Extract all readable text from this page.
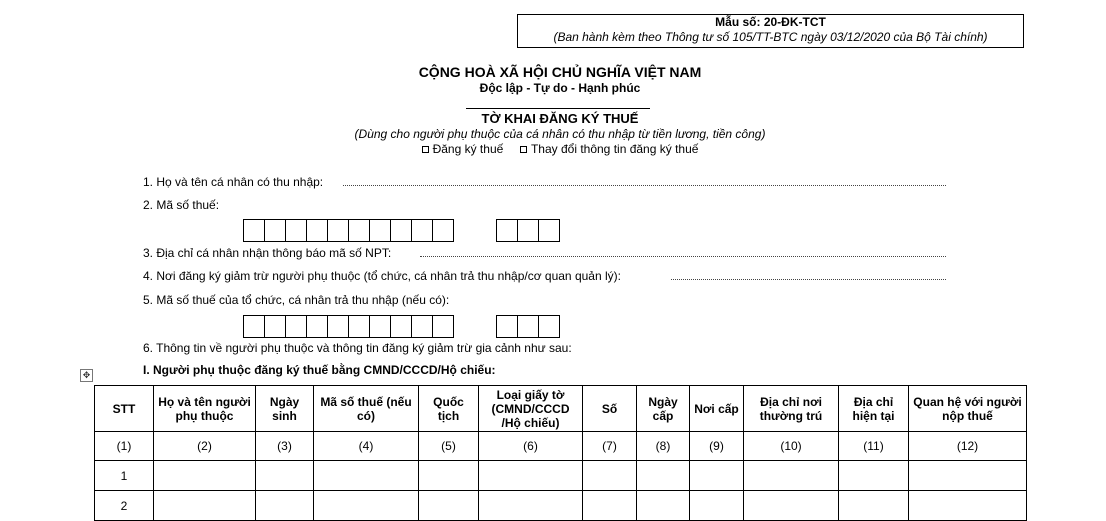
Mẫu số: 20-ĐK-TCT
(Ban hành kèm theo Thông tư số 105/TT-BTC ngày 03/12/2020 của Bộ Tài chính)
CỘNG HOÀ XÃ HỘI CHỦ NGHĨA VIỆT NAM
Độc lập - Tự do - Hạnh phúc
TỜ KHAI ĐĂNG KÝ THUẾ
(Dùng cho người phụ thuộc của cá nhân có thu nhập từ tiền lương, tiền công)
Đăng ký thuế Thay đổi thông tin đăng ký thuế
1. Họ và tên cá nhân có thu nhập:
2. Mã số thuế:
3. Địa chỉ cá nhân nhận thông báo mã số NPT:
4. Nơi đăng ký giảm trừ người phụ thuộc (tổ chức, cá nhân trả thu nhập/cơ quan quản lý):
5. Mã số thuế của tổ chức, cá nhân trả thu nhập (nếu có):
6. Thông tin về người phụ thuộc và thông tin đăng ký giảm trừ gia cảnh như sau:
✥	I. Người phụ thuộc đăng ký thuế bằng CMND/CCCD/Hộ chiếu:
STT	Họ và tên người phụ thuộc	Ngày sinh	Mã số thuế (nếu có)	Quốc tịch	Loại giấy tờ (CMND/CCCD /Hộ chiếu)	Số	Ngày cấp	Nơi cấp	Địa chỉ nơi thường trú	Địa chỉ hiện tại	Quan hệ với người nộp thuế
(1)	(2)	(3)	(4)	(5)	(6)	(7)	(8)	(9)	(10)	(11)	(12)
1											
2											
